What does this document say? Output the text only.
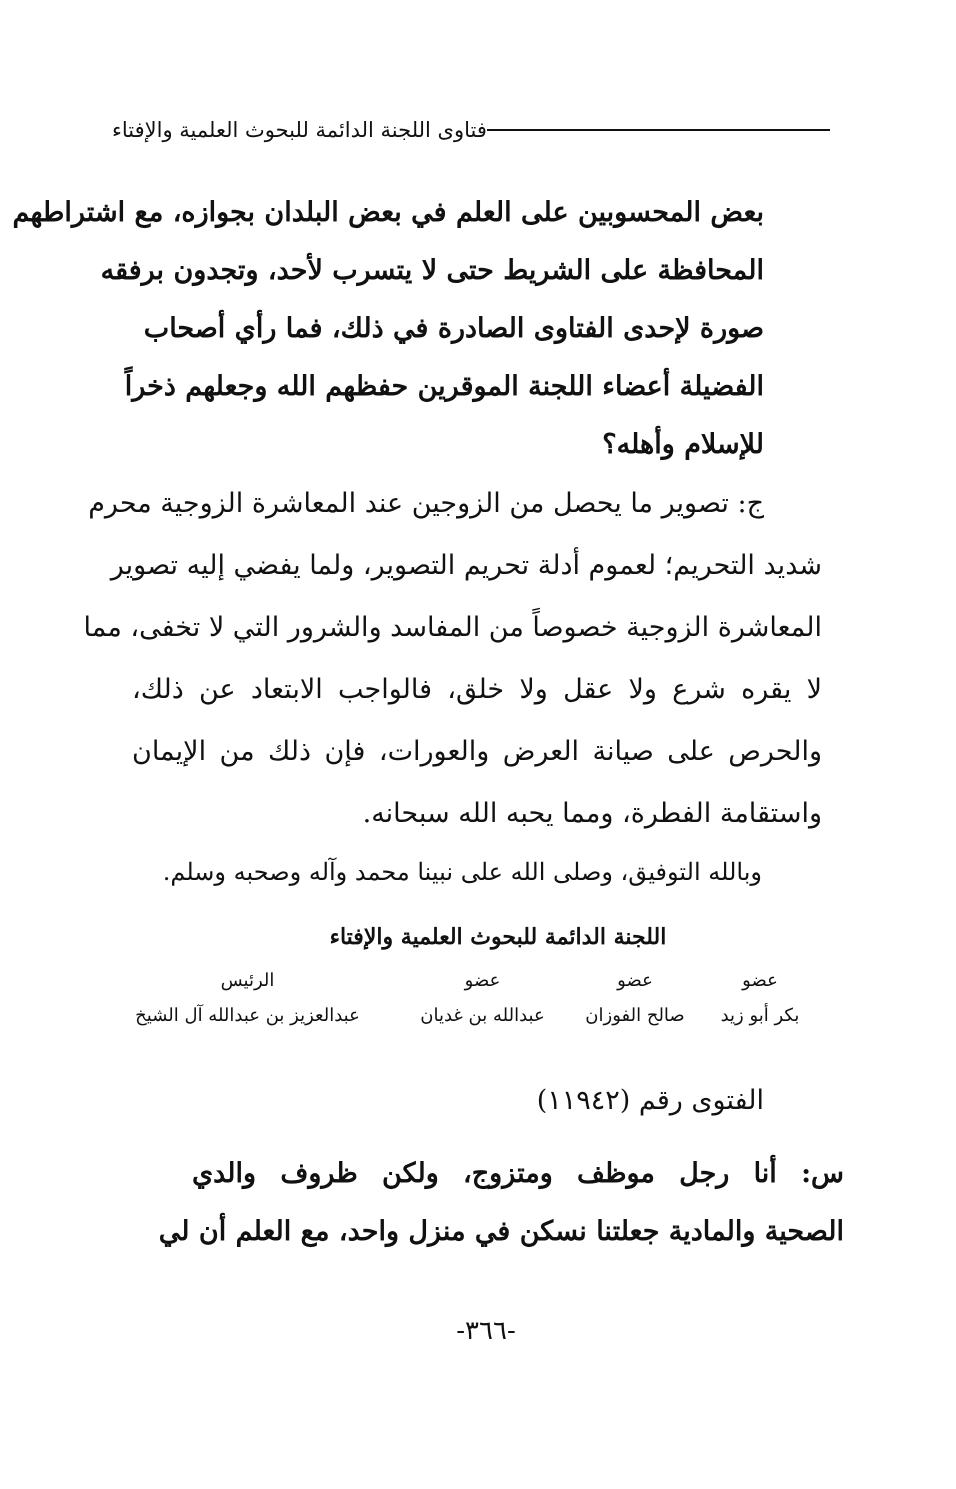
فتاوى اللجنة الدائمة للبحوث العلمية والإفتاء
بعض المحسوبين على العلم في بعض البلدان بجوازه، مع اشتراطهم
المحافظة على الشريط حتى لا يتسرب لأحد، وتجدون برفقه
صورة لإحدى الفتاوى الصادرة في ذلك، فما رأي أصحاب
الفضيلة أعضاء اللجنة الموقرين حفظهم الله وجعلهم ذخراً
للإسلام وأهله؟
ج: تصوير ما يحصل من الزوجين عند المعاشرة الزوجية محرم
شديد التحريم؛ لعموم أدلة تحريم التصوير، ولما يفضي إليه تصوير
المعاشرة الزوجية خصوصاً من المفاسد والشرور التي لا تخفى، مما
لا يقره شرع ولا عقل ولا خلق، فالواجب الابتعاد عن ذلك،
والحرص على صيانة العرض والعورات، فإن ذلك من الإيمان
واستقامة الفطرة، ومما يحبه الله سبحانه.
وبالله التوفيق، وصلى الله على نبينا محمد وآله وصحبه وسلم.
اللجنة الدائمة للبحوث العلمية والإفتاء
عضو
عضو
عضو
الرئيس
بكر أبو زيد
صالح الفوزان
عبدالله بن غديان
عبدالعزيز بن عبدالله آل الشيخ
الفتوى رقم (١١٩٤٢)
س: أنا رجل موظف ومتزوج، ولكن ظروف والدي
الصحية والمادية جعلتنا نسكن في منزل واحد، مع العلم أن لي
-٣٦٦-
